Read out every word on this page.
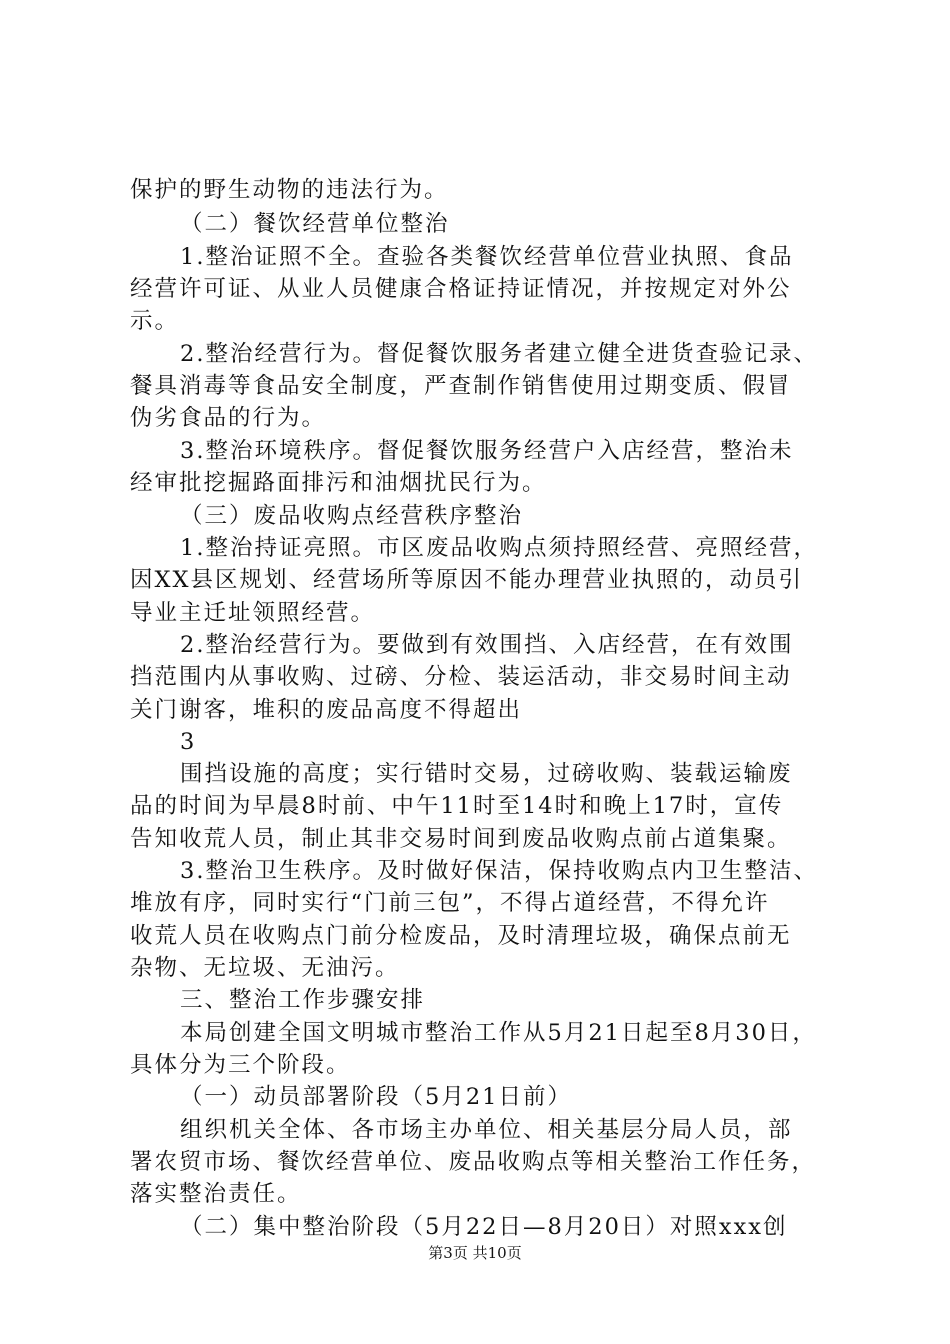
保护的野生动物的违法行为。
（二）餐饮经营单位整治
1.整治证照不全。查验各类餐饮经营单位营业执照、食品
经营许可证、从业人员健康合格证持证情况，并按规定对外公
示。
2.整治经营行为。督促餐饮服务者建立健全进货查验记录、
餐具消毒等食品安全制度，严查制作销售使用过期变质、假冒
伪劣食品的行为。
3.整治环境秩序。督促餐饮服务经营户入店经营，整治未
经审批挖掘路面排污和油烟扰民行为。
（三）废品收购点经营秩序整治
1.整治持证亮照。市区废品收购点须持照经营、亮照经营，
因XX县区规划、经营场所等原因不能办理营业执照的，动员引
导业主迁址领照经营。
2.整治经营行为。要做到有效围挡、入店经营，在有效围
挡范围内从事收购、过磅、分检、装运活动，非交易时间主动
关门谢客，堆积的废品高度不得超出
3
围挡设施的高度；实行错时交易，过磅收购、装载运输废
品的时间为早晨8时前、中午11时至14时和晚上17时，宣传
告知收荒人员，制止其非交易时间到废品收购点前占道集聚。
3.整治卫生秩序。及时做好保洁，保持收购点内卫生整洁、
堆放有序，同时实行“门前三包”，不得占道经营，不得允许
收荒人员在收购点门前分检废品，及时清理垃圾，确保点前无
杂物、无垃圾、无油污。
三、整治工作步骤安排
本局创建全国文明城市整治工作从5月21日起至8月30日，
具体分为三个阶段。
（一）动员部署阶段（5月21日前）
组织机关全体、各市场主办单位、相关基层分局人员，部
署农贸市场、餐饮经营单位、废品收购点等相关整治工作任务，
落实整治责任。
（二）集中整治阶段（5月22日—8月20日）对照xxx创
第3页 共10页
